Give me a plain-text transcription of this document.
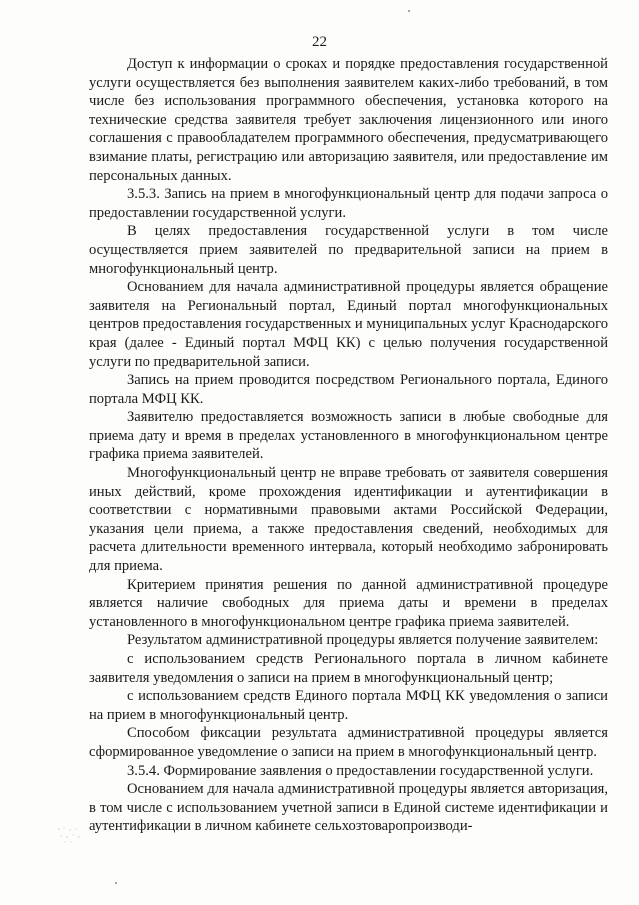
22

Доступ к информации о сроках и порядке предоставления государственной услуги осуществляется без выполнения заявителем каких-либо требований, в том числе без использования программного обеспечения, установка которого на технические средства заявителя требует заключения лицензионного или иного соглашения с правообладателем программного обеспечения, предусматривающего взимание платы, регистрацию или авторизацию заявителя, или предоставление им персональных данных.

3.5.3. Запись на прием в многофункциональный центр для подачи запроса о предоставлении государственной услуги.

В целях предоставления государственной услуги в том числе осуществляется прием заявителей по предварительной записи на прием в многофункциональный центр.

Основанием для начала административной процедуры является обращение заявителя на Региональный портал, Единый портал многофункциональных центров предоставления государственных и муниципальных услуг Краснодарского края (далее - Единый портал МФЦ КК) с целью получения государственной услуги по предварительной записи.

Запись на прием проводится посредством Регионального портала, Единого портала МФЦ КК.

Заявителю предоставляется возможность записи в любые свободные для приема дату и время в пределах установленного в многофункциональном центре графика приема заявителей.

Многофункциональный центр не вправе требовать от заявителя совершения иных действий, кроме прохождения идентификации и аутентификации в соответствии с нормативными правовыми актами Российской Федерации, указания цели приема, а также предоставления сведений, необходимых для расчета длительности временного интервала, который необходимо забронировать для приема.

Критерием принятия решения по данной административной процедуре является наличие свободных для приема даты и времени в пределах установленного в многофункциональном центре графика приема заявителей.

Результатом административной процедуры является получение заявителем:

с использованием средств Регионального портала в личном кабинете заявителя уведомления о записи на прием в многофункциональный центр;

с использованием средств Единого портала МФЦ КК уведомления о записи на прием в многофункциональный центр.

Способом фиксации результата административной процедуры является сформированное уведомление о записи на прием в многофункциональный центр.

3.5.4. Формирование заявления о предоставлении государственной услуги.

Основанием для начала административной процедуры является авторизация, в том числе с использованием учетной записи в Единой системе идентификации и аутентификации в личном кабинете сельхозтоваропроизводи-
